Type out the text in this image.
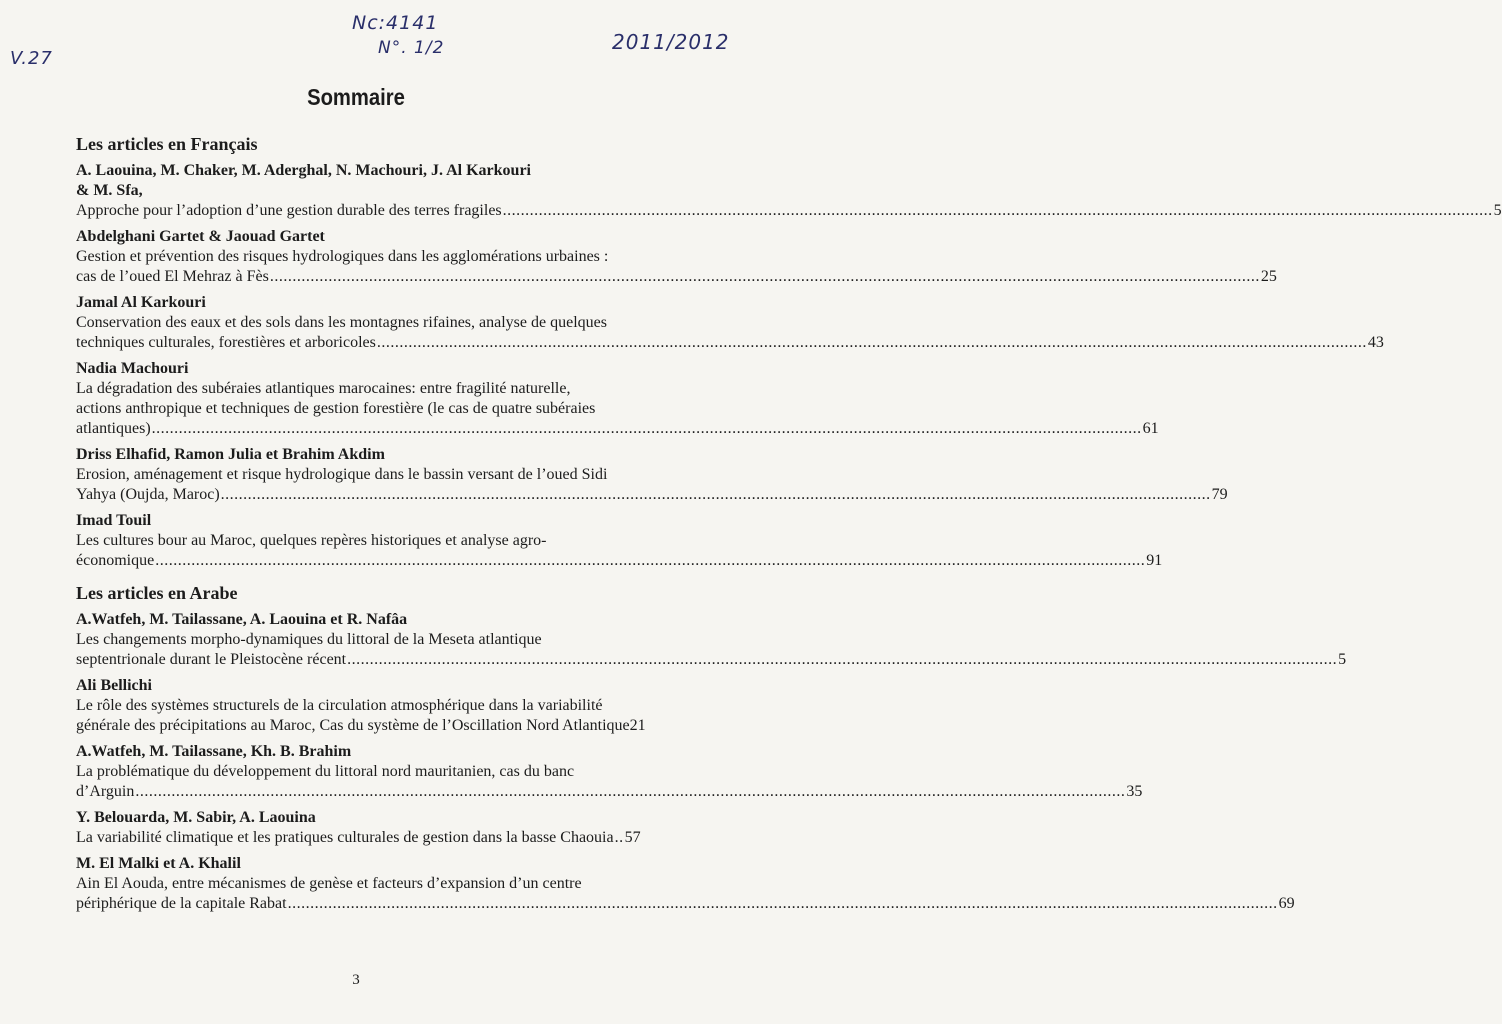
Nc:4141
N°. 1/2
V.27
2011/2012
Sommaire
Les articles en Français
A. Laouina, M. Chaker, M. Aderghal, N. Machouri, J. Al Karkouri
& M. Sfa,
Approche pour l’adoption d’une gestion durable des terres fragiles ............................................................................................................................................................................................................................ 5
Abdelghani Gartet & Jaouad Gartet
Gestion et prévention des risques hydrologiques dans les agglomérations urbaines :
cas de l’oued El Mehraz à Fès ............................................................................................................................................................................................................................ 25
Jamal Al Karkouri
Conservation des eaux et des sols dans les montagnes rifaines, analyse de quelques
techniques culturales, forestières et arboricoles ............................................................................................................................................................................................................................ 43
Nadia Machouri
La dégradation des subéraies atlantiques marocaines: entre fragilité naturelle,
actions anthropique et techniques de gestion forestière (le cas de quatre subéraies
atlantiques) ............................................................................................................................................................................................................................ 61
Driss Elhafid, Ramon Julia et Brahim Akdim
Erosion, aménagement et risque hydrologique dans le bassin versant de l’oued Sidi
Yahya (Oujda, Maroc) ............................................................................................................................................................................................................................ 79
Imad Touil
Les cultures bour au Maroc, quelques repères historiques et analyse agro-
économique ............................................................................................................................................................................................................................ 91
Les articles en Arabe
A.Watfeh, M. Tailassane, A. Laouina et R. Nafâa
Les changements morpho-dynamiques du littoral de la Meseta atlantique
septentrionale durant le Pleistocène récent ............................................................................................................................................................................................................................ 5
Ali Bellichi
Le rôle des systèmes structurels de la circulation atmosphérique dans la variabilité
générale des précipitations au Maroc, Cas du système de l’Oscillation Nord Atlantique 21
A.Watfeh, M. Tailassane, Kh. B. Brahim
La problématique du développement du littoral nord mauritanien, cas du banc
d’Arguin ............................................................................................................................................................................................................................ 35
Y. Belouarda, M. Sabir, A. Laouina
La variabilité climatique et les pratiques culturales de gestion dans la basse Chaouia .. 57
M. El Malki et A. Khalil
Ain El Aouda, entre mécanismes de genèse et facteurs d’expansion d’un centre
périphérique de la capitale Rabat ............................................................................................................................................................................................................................ 69
3
